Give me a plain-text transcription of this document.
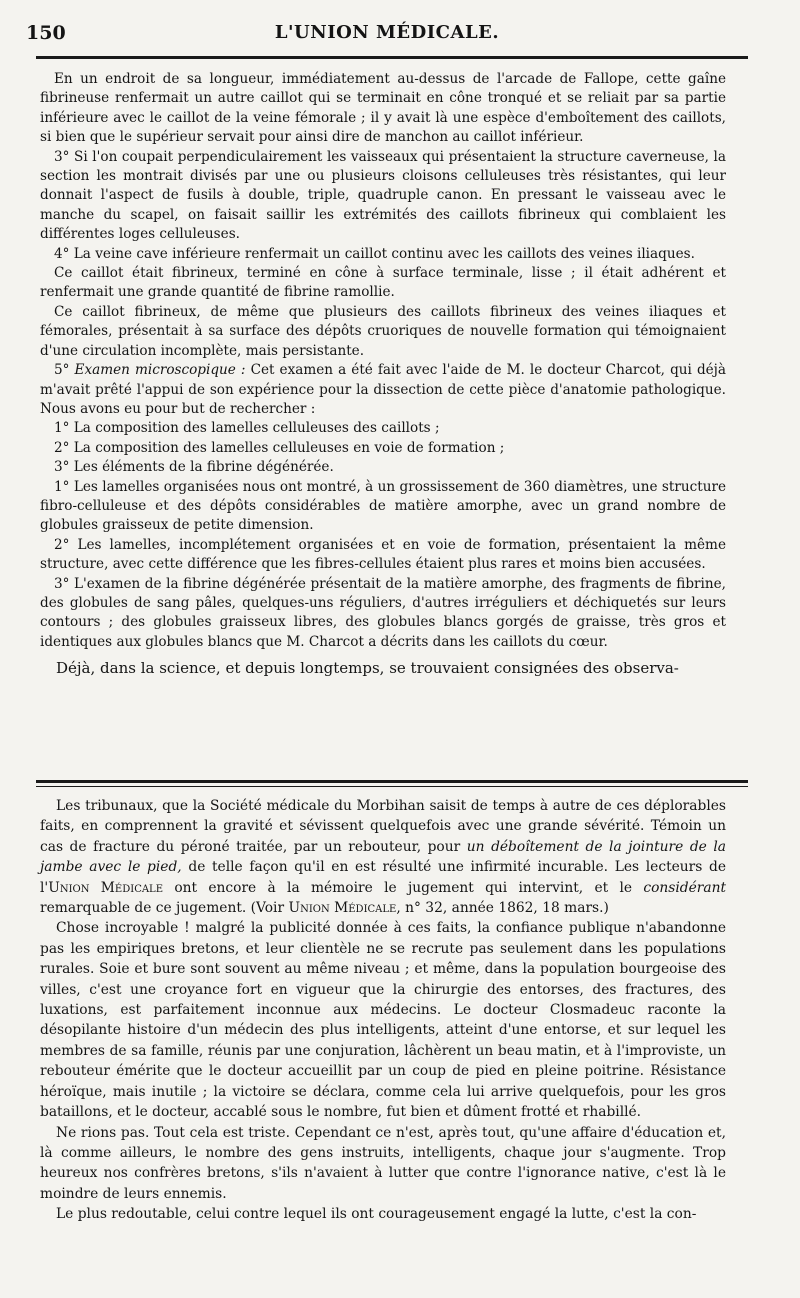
150	L'UNION MÉDICALE.

En un endroit de sa longueur, immédiatement au-dessus de l'arcade de Fallope, cette gaîne fibrineuse renfermait un autre caillot qui se terminait en cône tronqué et se reliait par sa partie inférieure avec le caillot de la veine fémorale ; il y avait là une espèce d'emboîtement des caillots, si bien que le supérieur servait pour ainsi dire de manchon au caillot inférieur.

3° Si l'on coupait perpendiculairement les vaisseaux qui présentaient la structure caverneuse, la section les montrait divisés par une ou plusieurs cloisons celluleuses très résistantes, qui leur donnait l'aspect de fusils à double, triple, quadruple canon. En pressant le vaisseau avec le manche du scapel, on faisait saillir les extrémités des caillots fibrineux qui comblaient les différentes loges celluleuses.

4° La veine cave inférieure renfermait un caillot continu avec les caillots des veines iliaques.

Ce caillot était fibrineux, terminé en cône à surface terminale, lisse ; il était adhérent et renfermait une grande quantité de fibrine ramollie.

Ce caillot fibrineux, de même que plusieurs des caillots fibrineux des veines iliaques et fémorales, présentait à sa surface des dépôts cruoriques de nouvelle formation qui témoignaient d'une circulation incomplète, mais persistante.

5° Examen microscopique : Cet examen a été fait avec l'aide de M. le docteur Charcot, qui déjà m'avait prêté l'appui de son expérience pour la dissection de cette pièce d'anatomie pathologique. Nous avons eu pour but de rechercher :

1° La composition des lamelles celluleuses des caillots ;

2° La composition des lamelles celluleuses en voie de formation ;

3° Les éléments de la fibrine dégénérée.

1° Les lamelles organisées nous ont montré, à un grossissement de 360 diamètres, une structure fibro-celluleuse et des dépôts considérables de matière amorphe, avec un grand nombre de globules graisseux de petite dimension.

2° Les lamelles, incomplétement organisées et en voie de formation, présentaient la même structure, avec cette différence que les fibres-cellules étaient plus rares et moins bien accusées.

3° L'examen de la fibrine dégénérée présentait de la matière amorphe, des fragments de fibrine, des globules de sang pâles, quelques-uns réguliers, d'autres irréguliers et déchiquetés sur leurs contours ; des globules graisseux libres, des globules blancs gorgés de graisse, très gros et identiques aux globules blancs que M. Charcot a décrits dans les caillots du cœur.

Déjà, dans la science, et depuis longtemps, se trouvaient consignées des observa-

Les tribunaux, que la Société médicale du Morbihan saisit de temps à autre de ces déplorables faits, en comprennent la gravité et sévissent quelquefois avec une grande sévérité. Témoin un cas de fracture du péroné traitée, par un rebouteur, pour un déboîtement de la jointure de la jambe avec le pied, de telle façon qu'il en est résulté une infirmité incurable. Les lecteurs de l'Union Médicale ont encore à la mémoire le jugement qui intervint, et le considérant remarquable de ce jugement. (Voir Union Médicale, n° 32, année 1862, 18 mars.)

Chose incroyable ! malgré la publicité donnée à ces faits, la confiance publique n'abandonne pas les empiriques bretons, et leur clientèle ne se recrute pas seulement dans les populations rurales. Soie et bure sont souvent au même niveau ; et même, dans la population bourgeoise des villes, c'est une croyance fort en vigueur que la chirurgie des entorses, des fractures, des luxations, est parfaitement inconnue aux médecins. Le docteur Closmadeuc raconte la désopilante histoire d'un médecin des plus intelligents, atteint d'une entorse, et sur lequel les membres de sa famille, réunis par une conjuration, lâchèrent un beau matin, et à l'improviste, un rebouteur émérite que le docteur accueillit par un coup de pied en pleine poitrine. Résistance héroïque, mais inutile ; la victoire se déclara, comme cela lui arrive quelquefois, pour les gros bataillons, et le docteur, accablé sous le nombre, fut bien et dûment frotté et rhabillé.

Ne rions pas. Tout cela est triste. Cependant ce n'est, après tout, qu'une affaire d'éducation et, là comme ailleurs, le nombre des gens instruits, intelligents, chaque jour s'augmente. Trop heureux nos confrères bretons, s'ils n'avaient à lutter que contre l'ignorance native, c'est là le moindre de leurs ennemis.

Le plus redoutable, celui contre lequel ils ont courageusement engagé la lutte, c'est la con-
